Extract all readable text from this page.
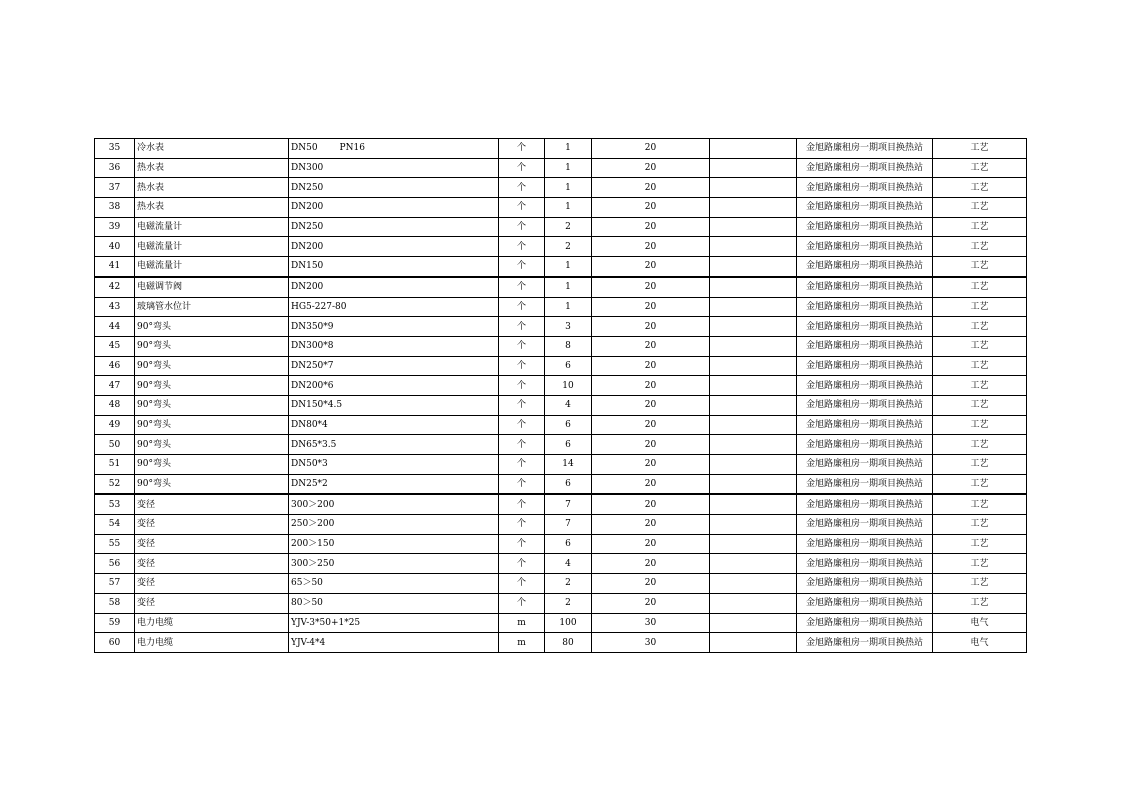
35	冷水表	DN50 PN16	个	1	20		金旭路廉租房一期项目换热站	工艺
36	热水表	DN300	个	1	20		金旭路廉租房一期项目换热站	工艺
37	热水表	DN250	个	1	20		金旭路廉租房一期项目换热站	工艺
38	热水表	DN200	个	1	20		金旭路廉租房一期项目换热站	工艺
39	电磁流量计	DN250	个	2	20		金旭路廉租房一期项目换热站	工艺
40	电磁流量计	DN200	个	2	20		金旭路廉租房一期项目换热站	工艺
41	电磁流量计	DN150	个	1	20		金旭路廉租房一期项目换热站	工艺
42	电磁调节阀	DN200	个	1	20		金旭路廉租房一期项目换热站	工艺
43	玻璃管水位计	HG5-227-80	个	1	20		金旭路廉租房一期项目换热站	工艺
44	90°弯头	DN350*9	个	3	20		金旭路廉租房一期项目换热站	工艺
45	90°弯头	DN300*8	个	8	20		金旭路廉租房一期项目换热站	工艺
46	90°弯头	DN250*7	个	6	20		金旭路廉租房一期项目换热站	工艺
47	90°弯头	DN200*6	个	10	20		金旭路廉租房一期项目换热站	工艺
48	90°弯头	DN150*4.5	个	4	20		金旭路廉租房一期项目换热站	工艺
49	90°弯头	DN80*4	个	6	20		金旭路廉租房一期项目换热站	工艺
50	90°弯头	DN65*3.5	个	6	20		金旭路廉租房一期项目换热站	工艺
51	90°弯头	DN50*3	个	14	20		金旭路廉租房一期项目换热站	工艺
52	90°弯头	DN25*2	个	6	20		金旭路廉租房一期项目换热站	工艺
53	变径	300＞200	个	7	20		金旭路廉租房一期项目换热站	工艺
54	变径	250＞200	个	7	20		金旭路廉租房一期项目换热站	工艺
55	变径	200＞150	个	6	20		金旭路廉租房一期项目换热站	工艺
56	变径	300＞250	个	4	20		金旭路廉租房一期项目换热站	工艺
57	变径	65＞50	个	2	20		金旭路廉租房一期项目换热站	工艺
58	变径	80＞50	个	2	20		金旭路廉租房一期项目换热站	工艺
59	电力电缆	YJV-3*50+1*25	m	100	30		金旭路廉租房一期项目换热站	电气
60	电力电缆	YJV-4*4	m	80	30		金旭路廉租房一期项目换热站	电气
